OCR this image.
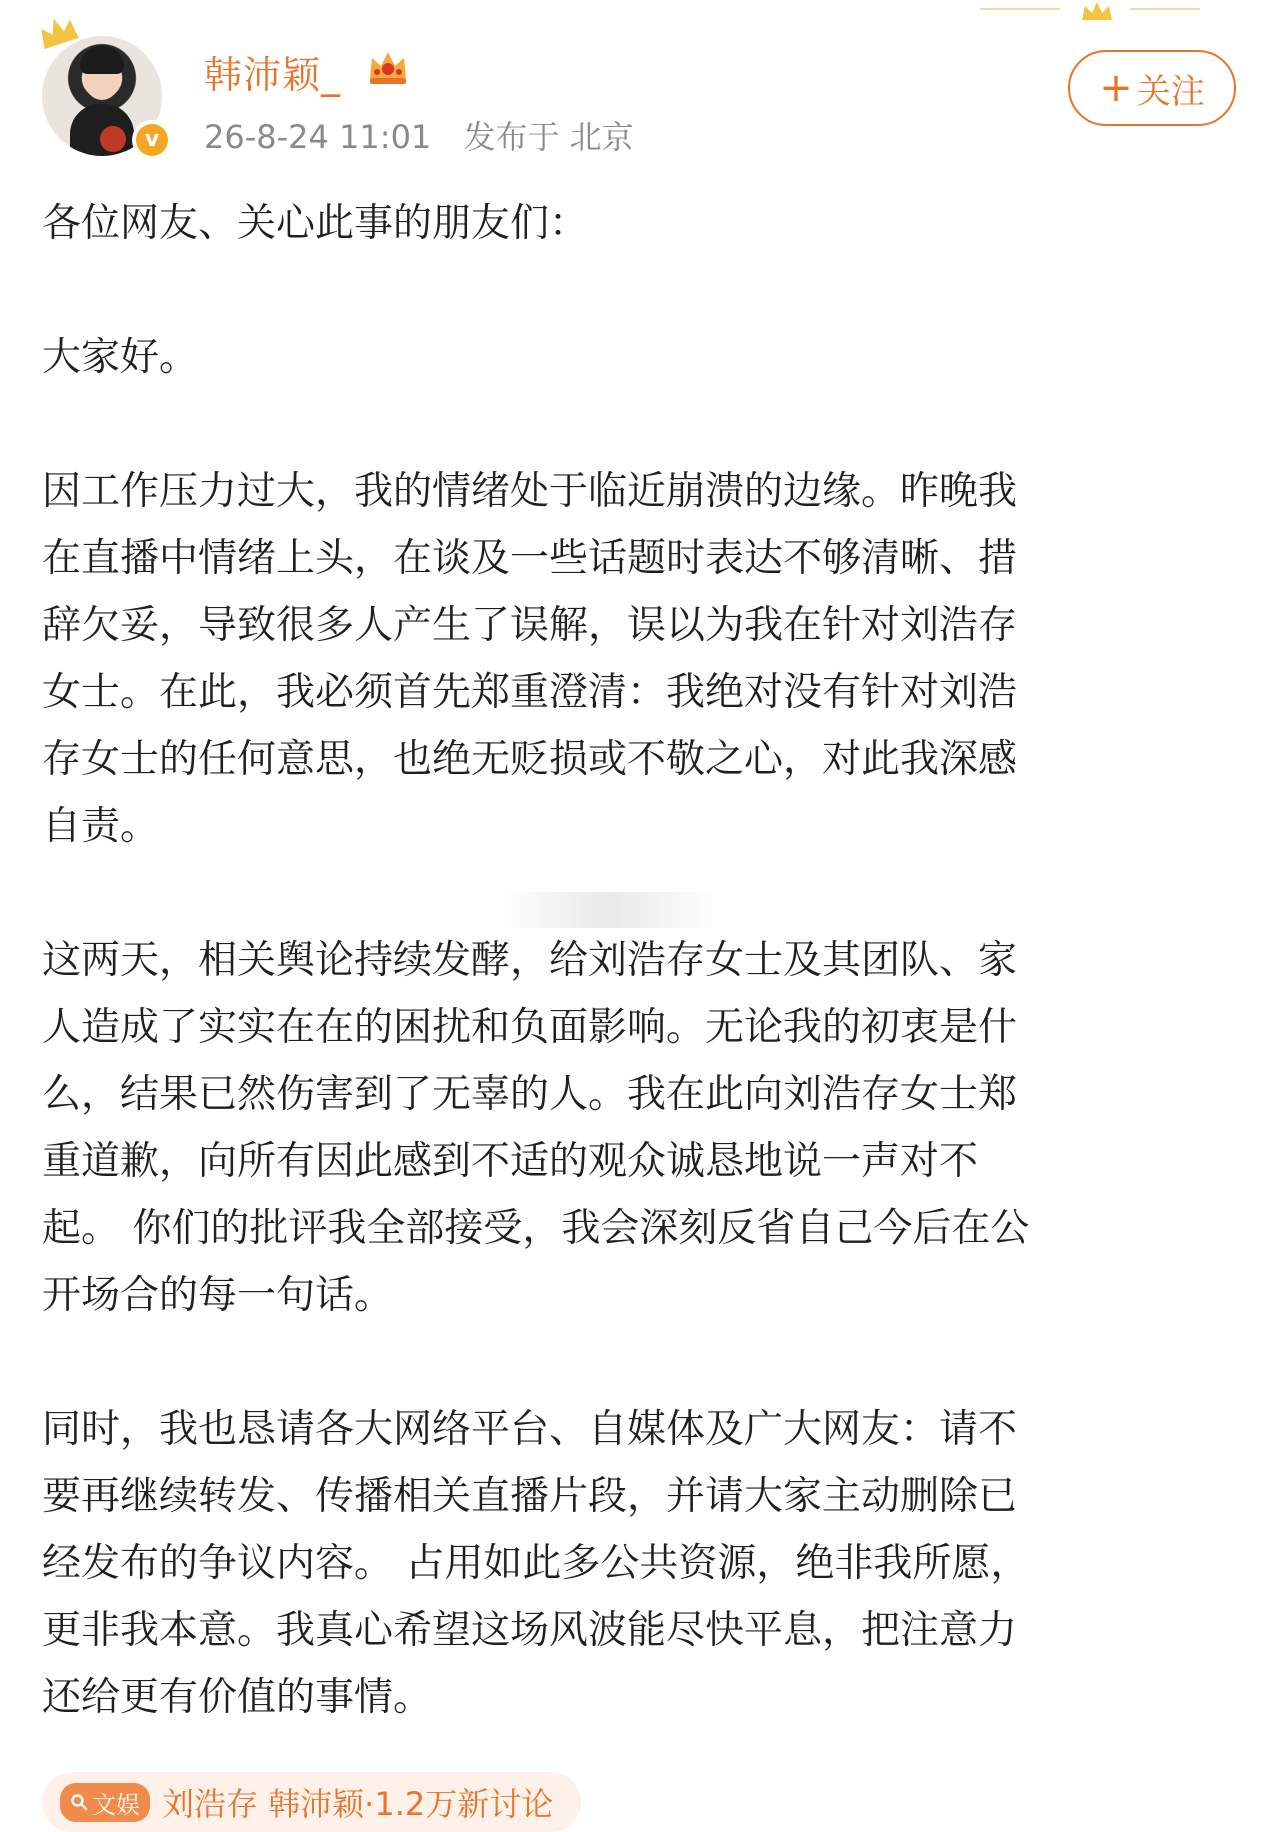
v
韩沛颖_
26-8-24 11:01 发布于 北京
+ 关注

各位网友、关心此事的朋友们：

大家好。

因工作压力过大，我的情绪处于临近崩溃的边缘。昨晚我
在直播中情绪上头，在谈及一些话题时表达不够清晰、措
辞欠妥，导致很多人产生了误解，误以为我在针对刘浩存
女士。在此，我必须首先郑重澄清：我绝对没有针对刘浩
存女士的任何意思，也绝无贬损或不敬之心，对此我深感
自责。

这两天，相关舆论持续发酵，给刘浩存女士及其团队、家
人造成了实实在在的困扰和负面影响。无论我的初衷是什
么，结果已然伤害到了无辜的人。我在此向刘浩存女士郑
重道歉，向所有因此感到不适的观众诚恳地说一声对不
起。 你们的批评我全部接受，我会深刻反省自己今后在公
开场合的每一句话。

同时，我也恳请各大网络平台、自媒体及广大网友：请不
要再继续转发、传播相关直播片段，并请大家主动删除已
经发布的争议内容。 占用如此多公共资源，绝非我所愿，
更非我本意。我真心希望这场风波能尽快平息，把注意力
还给更有价值的事情。

文娱 刘浩存 韩沛颖·1.2万新讨论
